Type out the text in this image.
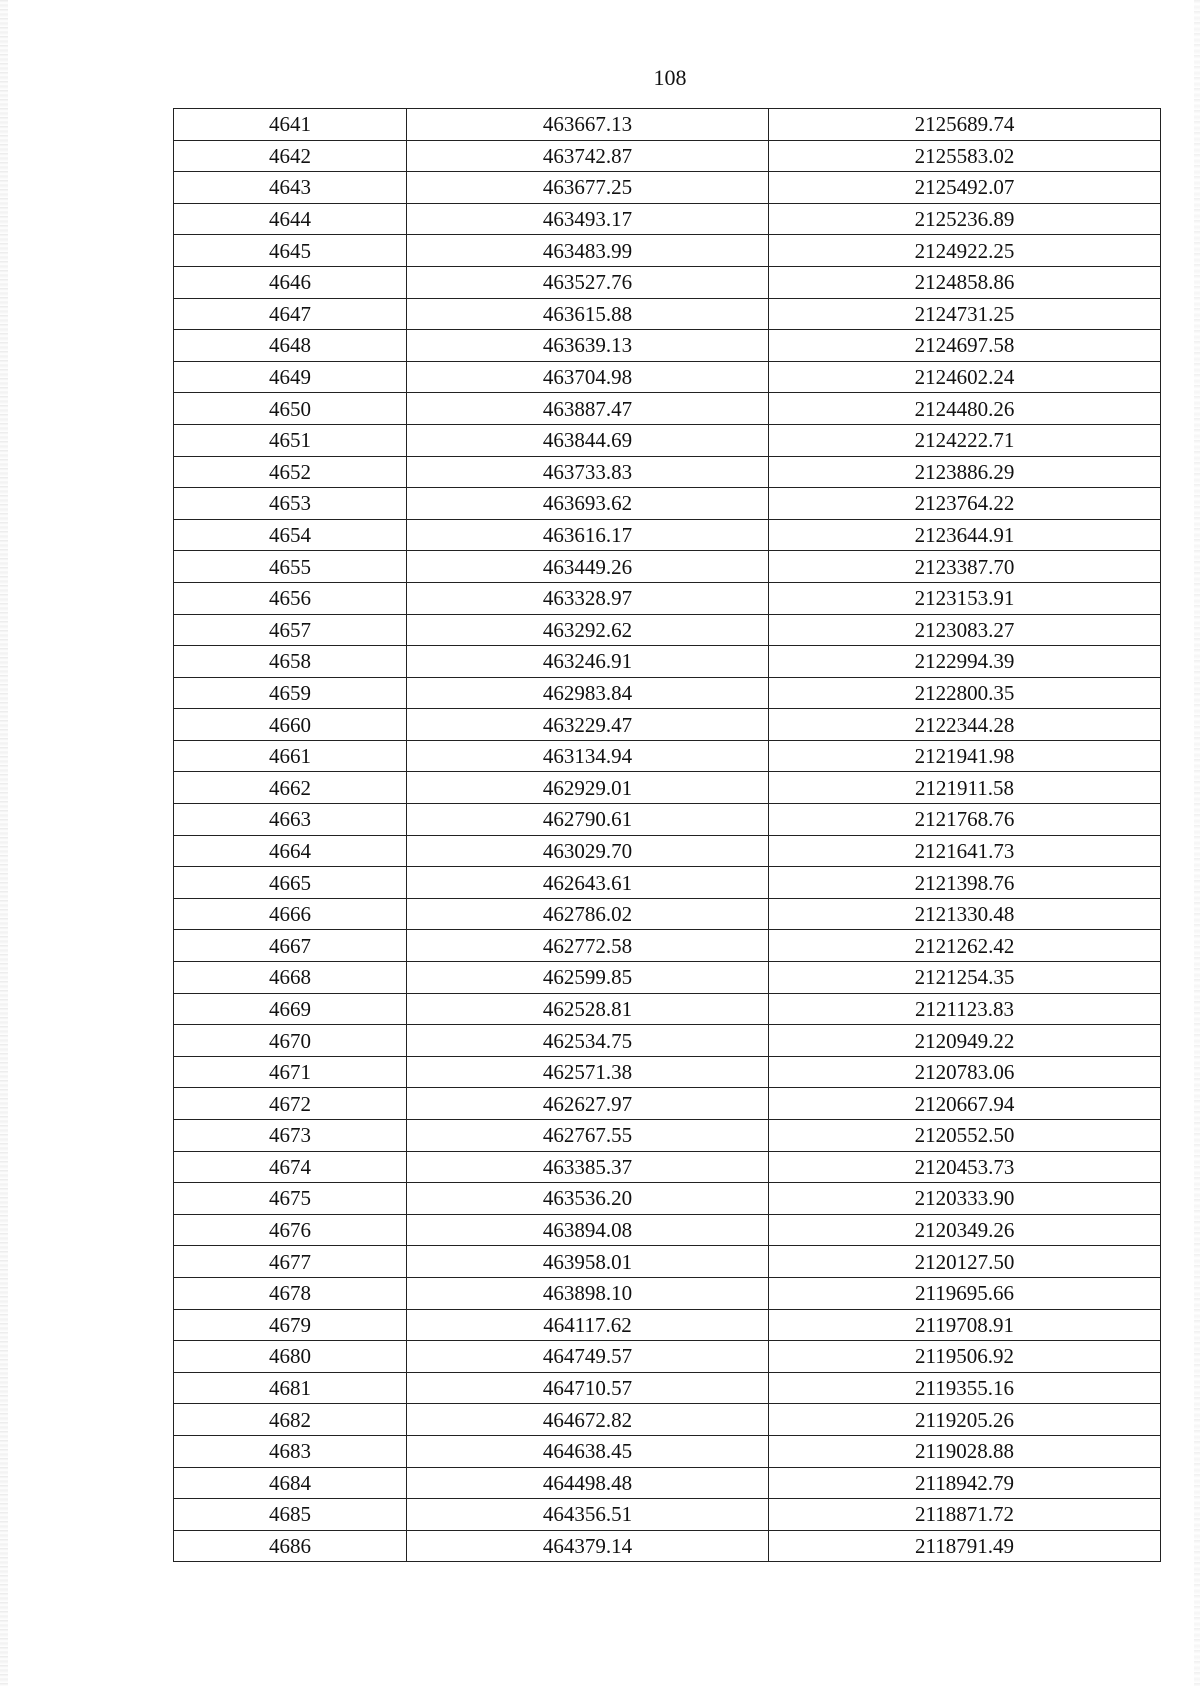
108
4641	463667.13	2125689.74
4642	463742.87	2125583.02
4643	463677.25	2125492.07
4644	463493.17	2125236.89
4645	463483.99	2124922.25
4646	463527.76	2124858.86
4647	463615.88	2124731.25
4648	463639.13	2124697.58
4649	463704.98	2124602.24
4650	463887.47	2124480.26
4651	463844.69	2124222.71
4652	463733.83	2123886.29
4653	463693.62	2123764.22
4654	463616.17	2123644.91
4655	463449.26	2123387.70
4656	463328.97	2123153.91
4657	463292.62	2123083.27
4658	463246.91	2122994.39
4659	462983.84	2122800.35
4660	463229.47	2122344.28
4661	463134.94	2121941.98
4662	462929.01	2121911.58
4663	462790.61	2121768.76
4664	463029.70	2121641.73
4665	462643.61	2121398.76
4666	462786.02	2121330.48
4667	462772.58	2121262.42
4668	462599.85	2121254.35
4669	462528.81	2121123.83
4670	462534.75	2120949.22
4671	462571.38	2120783.06
4672	462627.97	2120667.94
4673	462767.55	2120552.50
4674	463385.37	2120453.73
4675	463536.20	2120333.90
4676	463894.08	2120349.26
4677	463958.01	2120127.50
4678	463898.10	2119695.66
4679	464117.62	2119708.91
4680	464749.57	2119506.92
4681	464710.57	2119355.16
4682	464672.82	2119205.26
4683	464638.45	2119028.88
4684	464498.48	2118942.79
4685	464356.51	2118871.72
4686	464379.14	2118791.49
